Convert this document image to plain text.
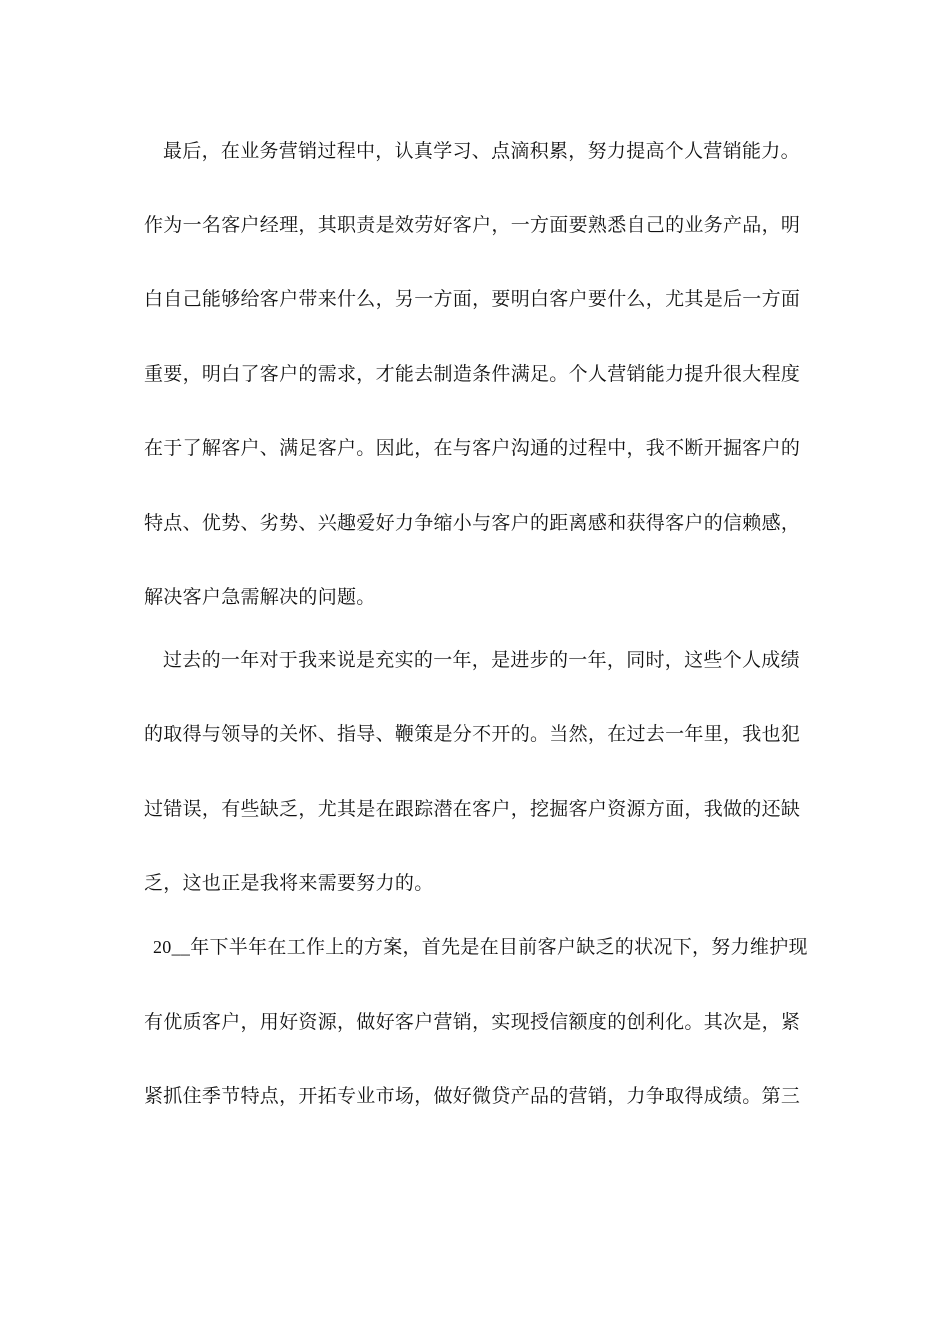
最后，在业务营销过程中，认真学习、点滴积累，努力提高个人营销能力。
作为一名客户经理，其职责是效劳好客户，一方面要熟悉自己的业务产品，明
白自己能够给客户带来什么，另一方面，要明白客户要什么，尤其是后一方面
重要，明白了客户的需求，才能去制造条件满足。个人营销能力提升很大程度
在于了解客户、满足客户。因此，在与客户沟通的过程中，我不断开掘客户的
特点、优势、劣势、兴趣爱好力争缩小与客户的距离感和获得客户的信赖感，
解决客户急需解决的问题。
过去的一年对于我来说是充实的一年，是进步的一年，同时，这些个人成绩
的取得与领导的关怀、指导、鞭策是分不开的。当然，在过去一年里，我也犯
过错误，有些缺乏，尤其是在跟踪潜在客户，挖掘客户资源方面，我做的还缺
乏，这也正是我将来需要努力的。
20__年下半年在工作上的方案，首先是在目前客户缺乏的状况下，努力维护现
有优质客户，用好资源，做好客户营销，实现授信额度的创利化。其次是，紧
紧抓住季节特点，开拓专业市场，做好微贷产品的营销，力争取得成绩。第三
